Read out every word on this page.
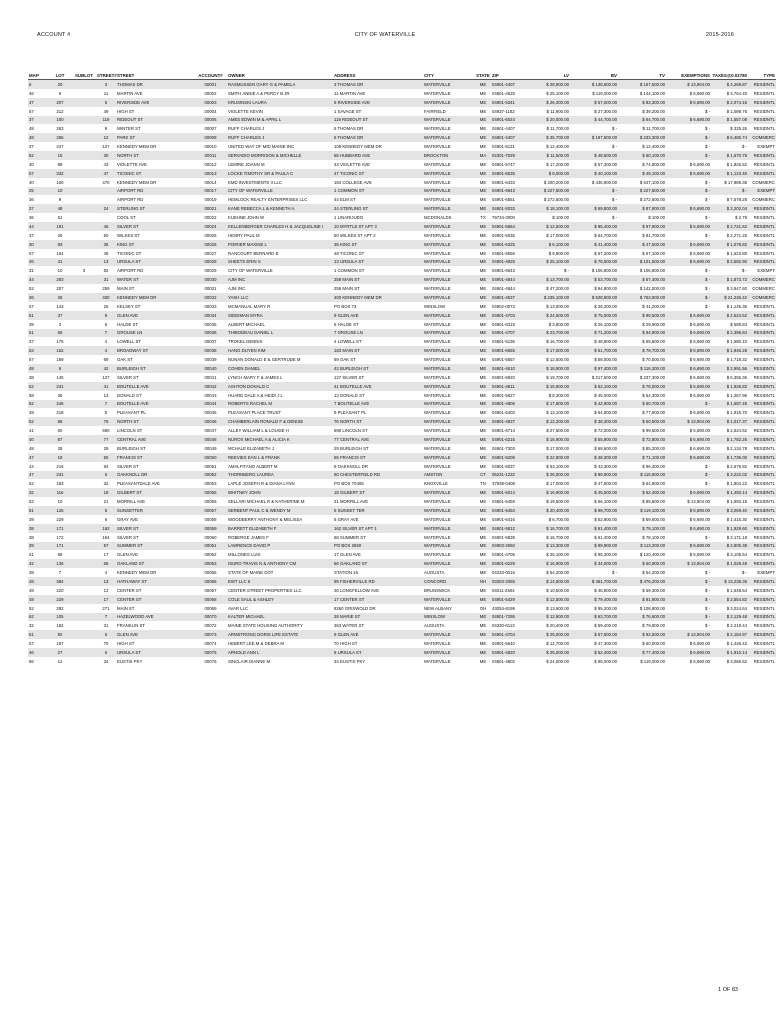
ACCOUNT #	CITY OF WATERVILLE	2015-2016
MAP	LOT	SUBLOT	STREET#	STREET	ACCOUNT#	OWNER	ADDRESS	CITY	STATE	ZIP	LV	BV	TV	EXEMPTIONS	TAXES@0.02780	TYPE
6	20		3	THOMAS DR	00001	RASMUSSEN GARY G & PAMELA	3 THOMAS DR	WATERVILLE	ME	04901-4407	$ 28,900.00	$ 138,600.00	$ 167,500.00	$ 13,904.00	$ 4,269.87	RESIDNTL
46	6		11	MARTIN AVE	00002	SMITH ANNIE A & PERCY B JR	11 MARTIN AVE	WATERVILLE	ME	04901-4625	$ 25,100.00	$ 119,000.00	$ 144,100.00	$ 6,690.00	$ 3,764.40	RESIDNTL
47	207		6	RIVERSIDE AVE	00003	KRUSINSKI LAURA	6 RIVERSIDE AVE	WATERVILLE	ME	04901-5341	$ 26,300.00	$ 57,000.00	$ 83,300.00	$ 6,690.00	$ 2,074.16	RESIDNTL
57	212		49	HIGH ST	00004	VIOLETTE KEVIN	1 SAVAGE ST	FAIRFIELD	ME	04937-1182	$ 11,900.00	$ 27,300.00	$ 39,200.00	$ -	$ 1,089.76	RESIDNTL
37	100		119	RIDEOUT ST	00006	AMES EDWIN M & APRIL L	119 RIDEOUT ST	WATERVILLE	ME	04901-6024	$ 20,000.00	$ 44,700.00	$ 64,700.00	$ 6,690.00	$ 1,557.08	RESIDNTL
48	263		9	WINTER ST	00007	RUFF CHARLES J	5 THOMAS DR	WATERVILLE	ME	04901-4407	$ 11,700.00	$ -	$ 11,700.00	$ -	$ 325.26	RESIDNTL
48	265		12	PARK ST	00008	RUFF CHARLES J	5 THOMAS DR	WATERVILLE	ME	04901-4407	$ 35,700.00	$ 197,600.00	$ 233,300.00	$ -	$ 6,485.74	COMMERC
37	247		107	KENNEDY MEM DR	00010	UNITED WAY OF MID MAINE INC	105 KENNEDY MEM DR	WATERVILLE	ME	04901-5131	$ 12,400.00	$ -	$ 12,400.00	$ -	$ -	EXEMPT
52	15		30	NORTH ST	00011	SERVADIO MORRISON & MICHELLE	65 HUBBARD AVE	BROCKTON	MA	02301-7029	$ 11,500.00	$ 48,600.00	$ 60,100.00	$ -	$ 1,670.78	RESIDNTL
40	68		43	VIOLETTE AVE	00012	LEMIRE JOANN M	43 VIOLETTE AVE	WATERVILLE	ME	04901-5747	$ 17,200.00	$ 57,300.00	$ 74,500.00	$ 6,690.00	$ 1,826.52	RESIDNTL
57	332		47	TICONIC ST	00013	LOCKE TIMOTHY SR & PAULA C	47 TICONIC ST	WATERVILLE	ME	04901-5535	$ 9,000.00	$ 40,100.00	$ 49,100.00	$ 6,690.00	$ 1,123.40	RESIDNTL
40	100		470	KENNEDY MEM DR	00014	KMD INVESTMENTS II LLC	184 COLLEGE AVE	WATERVILLE	ME	04901-6433	$ 200,200.00	$ 446,900.00	$ 647,100.00	$ -	$ 17,989.38	COMMERC
25	10			AIRPORT RD	00017	CITY OF WATERVILLE	1 COMMON ST	WATERVILLE	ME	04901-6643	$ 227,500.00	$ -	$ 227,500.00	$ -	$ -	EXEMPT
36	9			AIRPORT RD	00019	HEMLOCK REALTY ENTERPRISES LLC	44 ELM ST	WATERVILLE	ME	04901-6551	$ 272,600.00	$ -	$ 272,600.00	$ -	$ 7,578.28	COMMERC
37	48		24	STERLING ST	00021	KANE REBECCA L & KENNETH A	24 STERLING ST	WATERVILLE	ME	04901-5033	$ 18,100.00	$ 69,800.00	$ 87,900.00	$ 6,690.00	$ 2,202.04	RESIDNTL
36	61			COOL ST	00022	KUEHNE JOHN W	1 LINARIJUDO	MCDONALDS	TX	79734-3000	$ 100.00	$ -	$ 100.00	$ -	$ 2.78	RESIDNTL
44	191		46	SILVER ST	00024	KELLENBERGER CHARLES H & JACQUELINE I	10 MYRTLE ST APT 3	WATERVILLE	ME	04901-5664	$ 12,500.00	$ 85,400.00	$ 97,900.00	$ 6,690.00	$ 2,721.62	RESIDNTL
37	26		50	WILKES ST	00025	HENRY PAUL M	50 WILKES ST APT 2	WATERVILLE	ME	04901-5035	$ 17,000.00	$ 64,700.00	$ 81,700.00	$ -	$ 2,271.26	RESIDNTL
30	83		35	KING ST	00026	POIRIER MAXINE L	35 KING ST	WATERVILLE	ME	04901-6325	$ 6,100.00	$ 41,400.00	$ 47,500.00	$ 6,690.00	$ 1,078.82	RESIDNTL
57	154		48	TICONIC ST	00027	RANCOURT BERNARD E	48 TICONIC ST	WATERVILLE	ME	04901-5556	$ 9,900.00	$ 57,200.00	$ 67,100.00	$ 6,690.00	$ 1,623.80	RESIDNTL
46	41		13	URSULA ST	00028	SHEETS ERIN S	13 URSULA ST	WATERVILLE	ME	04901-4925	$ 25,100.00	$ 76,500.00	$ 101,600.00	$ 6,690.00	$ 2,582.90	RESIDNTL
31	10	3	82	AIRPORT RD	00029	CITY OF WATERVILLE	1 COMMON ST	WATERVILLE	ME	04901-6643	$ -	$ 106,800.00	$ 106,800.00	$ -	$ -	EXEMPT
44	283		31	WATER ST	00030	AJM INC	259 MAIN ST	WATERVILLE	ME	04901-4844	$ 13,700.00	$ 53,700.00	$ 67,400.00	$ -	$ 1,873.72	COMMERC
52	207		259	MAIN ST	00031	AJM INC	259 MAIN ST	WATERVILLE	ME	04901-4844	$ 47,200.00	$ 94,800.00	$ 142,000.00	$ -	$ 3,947.60	COMMERC
36	26		400	KENNEDY MEM DR	00032	YASH LLC	400 KENNEDY MEM DR	WATERVILLE	ME	04901-4537	$ 235,100.00	$ 528,800.00	$ 763,900.00	$ -	$ 21,236.42	COMMERC
57	143		25	KELSEY ST	00033	MCMANUAL MARY R	PO BOX 73	WINSLOW	ME	04902-0073	$ 13,000.00	$ 28,200.00	$ 41,200.00	$ -	$ 1,145.36	RESIDNTL
51	37		9	GLEN AVE	00034	SIDDIMAN MYRA	9 GLEN AVE	WATERVILLE	ME	04901-4703	$ 24,500.00	$ 75,000.00	$ 99,500.00	$ 6,690.00	$ 2,524.52	RESIDNTL
39	3		6	HALDE ST	00035	ALBERT MICHAEL	6 HALDE ST	WATERVILLE	ME	04901-6318	$ 3,800.00	$ 26,100.00	$ 29,900.00	$ 6,690.00	$ 589.84	RESIDNTL
51	56		7	GROUSE LN	00036	THIBODEAU DANIEL L	7 GROUSE LN	WATERVILLE	ME	04901-4707	$ 23,700.00	$ 71,200.00	$ 94,900.00	$ 6,690.00	$ 2,396.84	RESIDNTL
37	175		4	LOWELL ST	00037	TROKEL DENNIS	4 LOWELL ST	WATERVILLE	ME	04901-5136	$ 16,700.00	$ 48,900.00	$ 65,600.00	$ 6,690.00	$ 1,580.10	RESIDNTL
53	162		4	BROADWAY ST	00038	HANG DUYEN KIM	183 MAIN ST	WATERVILLE	ME	04901-6655	$ 17,000.00	$ 61,700.00	$ 78,700.00	$ 6,690.00	$ 1,946.28	RESIDNTL
57	169		69	OAK ST	00039	NUNAN DONALD E & GERTRUDE M	69 OAK ST	WATERVILLE	ME	04901-5557	$ 12,500.00	$ 58,000.00	$ 70,500.00	$ 6,690.00	$ 1,718.32	RESIDNTL
48	6		42	BURLEIGH ST	00040	COHEN DANIEL	42 BURLEIGH ST	WATERVILLE	ME	04901-4610	$ 18,900.00	$ 97,400.00	$ 116,300.00	$ 6,690.00	$ 2,991.56	RESIDNTL
38	145		127	SILVER ST	00041	LYNCH MARY F & JAMES L	127 SILVER ST	WATERVILLE	ME	04901-5920	$ 19,700.00	$ 217,600.00	$ 237,300.00	$ 6,690.00	$ 6,355.36	RESIDNTL
52	231		41	BOUTELLE AVE	00042	ASHTON DONALD C	41 BOUTELLE AVE	WATERVILLE	ME	04901-4811	$ 15,900.00	$ 62,100.00	$ 78,000.00	$ 6,690.00	$ 1,926.82	RESIDNTL
58	36		13	DONALD ST	00043	HUARD DALE A & HEIDI J L	13 DONALD ST	WATERVILLE	ME	04901-5627	$ 8,300.00	$ 45,000.00	$ 54,300.00	$ 6,690.00	$ 1,267.96	RESIDNTL
52	246		7	BOUTELLE AVE	00044	ROBERTS RACHEL M	7 BOUTELLE AVE	WATERVILLE	ME	04901-4806	$ 17,800.00	$ 42,900.00	$ 60,700.00	$ -	$ 1,687.46	RESIDNTL
48	218		5	PLEASANT PL	00045	PLEASANT PLACE TRUST	5 PLEASANT PL	WATERVILLE	ME	04901-5403	$ 13,100.00	$ 64,500.00	$ 77,600.00	$ 6,690.00	$ 1,915.70	RESIDNTL
52	86		76	NORTH ST	00046	CHAMBERLAIN RONALD F & DENISE	76 NORTH ST	WATERVILLE	ME	04901-4837	$ 12,200.00	$ 38,300.00	$ 50,500.00	$ 13,904.00	$ 1,017.37	RESIDNTL
41	60		690	LINCOLN ST	00047	ALLEY WILLIAM L & LOUISE H	690 LINCOLN ST	WATERVILLE	ME	04901-6714	$ 27,500.00	$ 72,000.00	$ 99,500.00	$ 6,690.00	$ 2,524.52	RESIDNTL
40	87		77	CENTRAL AVE	00048	NUROX MICHAEL A & ALICIA K	77 CENTRAL AVE	WATERVILLE	ME	04901-6215	$ 16,900.00	$ 55,900.00	$ 72,800.00	$ 6,690.00	$ 1,782.26	RESIDNTL
48	28		29	BURLEIGH ST	00049	MCHALE ELIZABETH J	29 BURLEIGH ST	WATERVILLE	ME	04901-7303	$ 17,000.00	$ 68,600.00	$ 85,200.00	$ 6,690.00	$ 2,134.78	RESIDNTL
47	18		55	FRANCIS ST	00050	REEVIES EAN L & FRANK	55 FRANCIS ST	WATERVILLE	ME	04901-5206	$ 22,800.00	$ 48,300.00	$ 71,100.00	$ 6,690.00	$ 1,735.00	RESIDNTL
44	216		94	SILVER ST	00051	AMALFITANO ALBERT M	6 OAKKNOLL DR	WATERVILLE	ME	04901-5037	$ 53,100.00	$ 43,300.00	$ 96,400.00	$ -	$ 2,679.92	RESIDNTL
47	231		6	OAKKNOLL DR	00052	THORNBERG LAUREA	60 CHESTERFIELD RD	AMSTON	CT	06231-1232	$ 26,000.00	$ 89,900.00	$ 115,900.00	$ -	$ 3,222.02	RESIDNTL
52	183		32	PLEASANTDALE AVE	00053	LAPLE JOSEPH R & DIANA LYNN	PO BOX 70408	KNOXVILLE	TN	37938-0408	$ 17,000.00	$ 47,900.00	$ 64,900.00	$ -	$ 1,804.22	RESIDNTL
32	116		18	GILBERT ST	00055	WHITNEY JOHN	18 GILBERT ST	WATERVILLE	ME	04901-5014	$ 16,900.00	$ 45,500.00	$ 62,400.00	$ 6,690.00	$ 1,493.14	RESIDNTL
52	10		21	MORRILL AVE	00056	SELLARI MICHAEL R & KATHERINE M	21 MORRILL AVE	WATERVILLE	ME	04901-5459	$ 19,500.00	$ 66,100.00	$ 85,600.00	$ 13,904.00	$ 1,993.15	RESIDNTL
51	126		5	SUNSETTER	00057	SERBENT PAUL C & WENDY M	5 SUNSET TER	WATERVILLE	ME	04901-5453	$ 20,400.00	$ 98,700.00	$ 119,100.00	$ 6,690.00	$ 3,069.40	RESIDNTL
39	229		6	GRAY AVE	00058	WOODBERRY ANTHONY & MELISSA	6 GRAY AVE	WATERVILLE	ME	04901-6416	$ 6,700.00	$ 52,900.00	$ 59,600.00	$ 6,690.00	$ 1,415.30	RESIDNTL
38	171		162	SILVER ST	00059	BARRETT ELIZABETH F	162 SILVER ST APT 1	WATERVILLE	ME	04901-5812	$ 16,700.00	$ 61,400.00	$ 78,100.00	$ 6,690.00	$ 1,929.60	RESIDNTL
38	172		164	SILVER ST	00060	ROBERGE JAMES F	68 SUMMER ST	WATERVILLE	ME	04901-5839	$ 16,700.00	$ 61,400.00	$ 78,100.00	$ -	$ 2,171.18	RESIDNTL
39	171		57	SUMMER ST	00061	LAWRENCE DAVID P	PO BOX 2650	WATERVILLE	ME	04903-2650	$ 13,300.00	$ 99,900.00	$ 113,200.00	$ 6,690.00	$ 2,905.38	RESIDNTL
51	68		17	GLEN AVE	00062	MILLONES LUIS	17 GLEN AVE	WATERVILLE	ME	04901-4705	$ 25,100.00	$ 95,300.00	$ 120,400.00	$ 6,690.00	$ 3,105.54	RESIDNTL
42	136		66	OAKLAND ST	00063	ISURO TRAVIS N & ANTHONY CM	66 OAKLAND ST	WATERVILLE	ME	04901-6229	$ 16,900.00	$ 34,000.00	$ 50,900.00	$ 13,904.00	$ 1,028.49	RESIDNTL
38	7		4	KENNEDY MEM DR	00065	STATE OF MAINE DOT	STATION 16	AUGUSTA	ME	04333-0016	$ 54,200.00	$ -	$ 54,200.00	$ -	$ -	EXEMPT
48	384		13	HATHAWAY ST	00066	EWT LLC 6	99 FISHERVILLE RD	CONCORD	NH	03303-2065	$ 14,500.00	$ 461,700.00	$ 476,200.00	$ -	$ 13,238.36	RESIDNTL
48	220		13	CENTER ST	00067	CENTER STREET PROPERTIES LLC	26 LONGFELLOW AVE	BRUNSWICK	ME	04011-2504	$ 10,500.00	$ 48,800.00	$ 59,300.00	$ -	$ 1,648.54	RESIDNTL
48	229		17	CENTER ST	00068	COLE SAUL & ASHLEY	17 CENTER ST	WATERVILLE	ME	04901-5429	$ 12,500.00	$ 79,400.00	$ 91,900.00	$ -	$ 2,554.82	RESIDNTL
52	282		271	MAIN ST	00069	AVAR LLC	8260 GRISWOLD DR	NEW ALBANY	OH	43054-8199	$ 13,600.00	$ 95,200.00	$ 108,800.00	$ -	$ 3,024.64	RESIDNTL
62	105		7	HAZELWOOD AVE	00070	KALTER MICHAEL	28 MARIE ST	WINSLOW	ME	04901-7295	$ 12,900.00	$ 63,700.00	$ 76,600.00	$ -	$ 2,129.48	RESIDNTL
32	182		31	FRANKLIN ST	00072	MAINE STATE HOUSING AUTHORITY	353 WATER ST	AUGUSTA	ME	04330-6113	$ 20,400.00	$ 59,400.00	$ 79,800.00	$ -	$ 2,218.44	RESIDNTL
51	92		6	GLEN AVE	00073	ARMSTRONG DORIS LIFE ESTATE	6 GLEN AVE	WATERVILLE	ME	04901-4704	$ 25,000.00	$ 67,500.00	$ 92,500.00	$ 13,904.00	$ 2,184.97	RESIDNTL
57	197		70	HIGH ST	00074	HEBERT LEE M & DEBRA M	70 HIGH ST	WATERVILLE	ME	04901-5640	$ 12,700.00	$ 47,300.00	$ 60,000.00	$ 6,690.00	$ 1,426.42	RESIDNTL
46	27		6	URSULA ST	00075	ARNOLD ANN L	6 URSULA ST	WATERVILLE	ME	04901-4920	$ 25,000.00	$ 52,400.00	$ 77,400.00	$ 6,690.00	$ 1,910.14	RESIDNTL
56	12		34	EUSTIS PKY	00076	SINCLAIR DIANNE M	34 EUSTIS PKY	WATERVILLE	ME	04901-4802	$ 24,000.00	$ 95,000.00	$ 119,000.00	$ 6,690.00	$ 3,066.62	RESIDNTL
1 OF 83
